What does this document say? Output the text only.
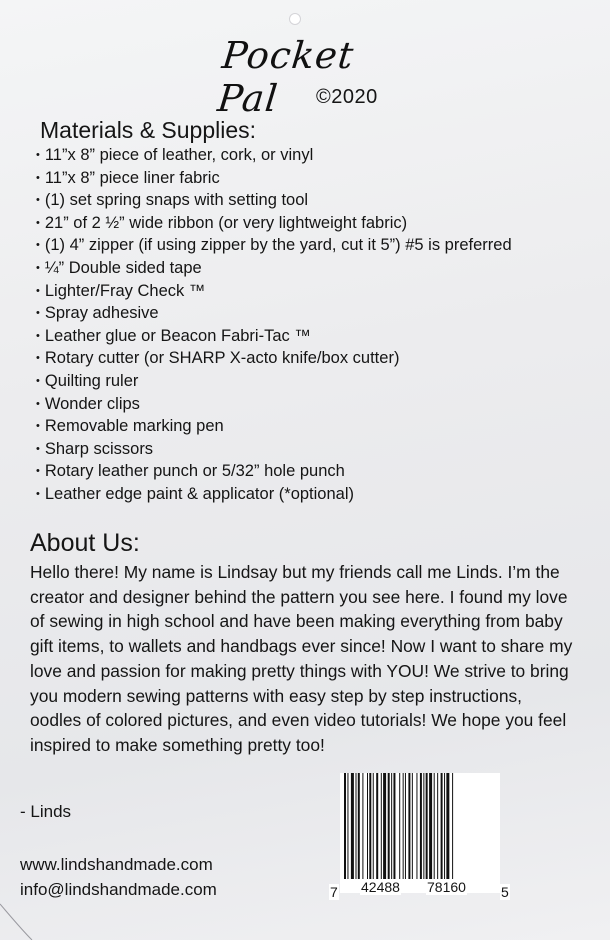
Pocket Pal	©2020
Materials & Supplies:
• 11”x 8” piece of leather, cork, or vinyl
• 11”x 8” piece liner fabric
• (1) set spring snaps with setting tool
• 21” of 2 ½” wide ribbon (or very lightweight fabric)
• (1) 4” zipper (if using zipper by the yard, cut it 5”) #5 is preferred
• ¼” Double sided tape
• Lighter/Fray Check ™
• Spray adhesive
• Leather glue or Beacon Fabri-Tac ™
• Rotary cutter (or SHARP X-acto knife/box cutter)
• Quilting ruler
• Wonder clips
• Removable marking pen
• Sharp scissors
• Rotary leather punch or 5/32” hole punch
• Leather edge paint & applicator (*optional)
About Us:

Hello there! My name is Lindsay but my friends call me Linds. I’m the creator and designer behind the pattern you see here. I found my love of sewing in high school and have been making everything from baby gift items, to wallets and handbags ever since! Now I want to share my love and passion for making pretty things with YOU! We strive to bring you modern sewing patterns with easy step by step instructions, oodles of colored pictures, and even video tutorials! We hope you feel inspired to make something pretty too!

- Linds

www.lindshandmade.com
info@lindshandmade.com	7 42488 78160	5
